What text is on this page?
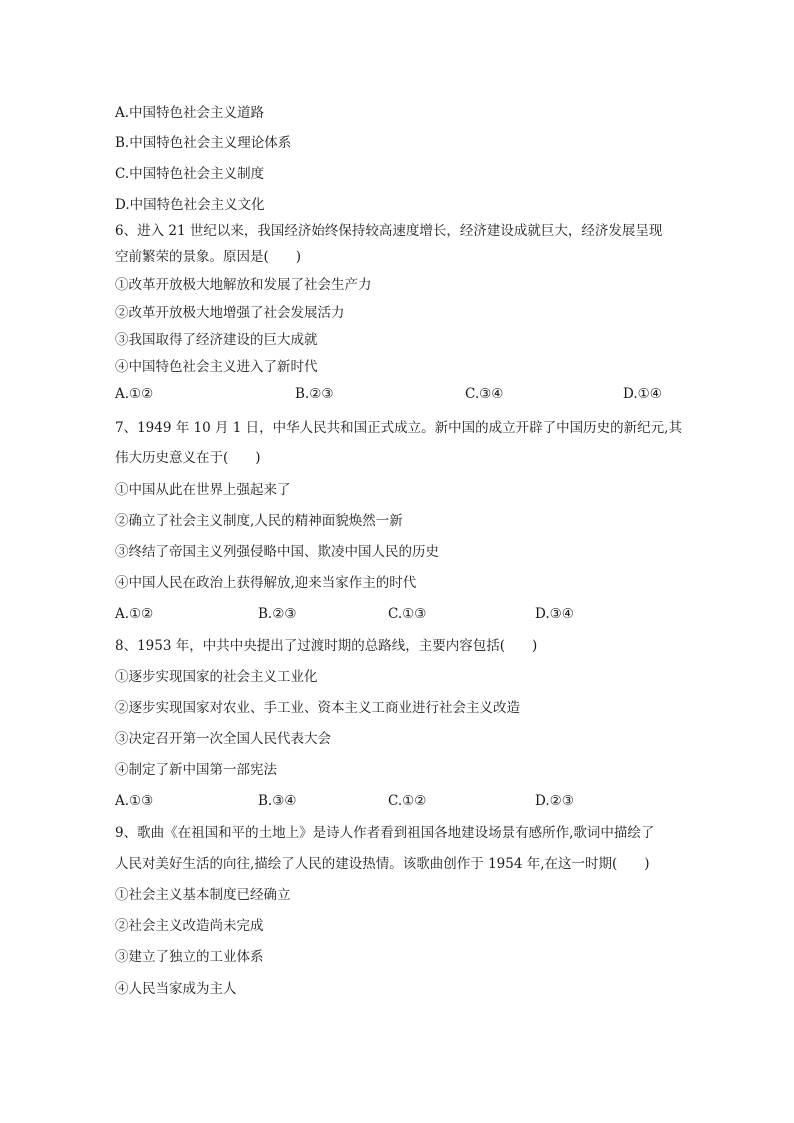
A.中国特色社会主义道路
B.中国特色社会主义理论体系
C.中国特色社会主义制度
D.中国特色社会主义文化
6、进入 21 世纪以来，我国经济始终保持较高速度增长，经济建设成就巨大，经济发展呈现
空前繁荣的景象。原因是(　　)
①改革开放极大地解放和发展了社会生产力
②改革开放极大地增强了社会发展活力
③我国取得了经济建设的巨大成就
④中国特色社会主义进入了新时代
A.①②	B.②③	C.③④	D.①④
7、1949 年 10 月 1 日，中华人民共和国正式成立。新中国的成立开辟了中国历史的新纪元,其
伟大历史意义在于(　　)
①中国从此在世界上强起来了
②确立了社会主义制度,人民的精神面貌焕然一新
③终结了帝国主义列强侵略中国、欺凌中国人民的历史
④中国人民在政治上获得解放,迎来当家作主的时代
A.①②	B.②③	C.①③	D.③④
8、1953 年，中共中央提出了过渡时期的总路线，主要内容包括(　　)
①逐步实现国家的社会主义工业化
②逐步实现国家对农业、手工业、资本主义工商业进行社会主义改造
③决定召开第一次全国人民代表大会
④制定了新中国第一部宪法
A.①③	B.③④	C.①②	D.②③
9、歌曲《在祖国和平的土地上》是诗人作者看到祖国各地建设场景有感所作,歌词中描绘了
人民对美好生活的向往,描绘了人民的建设热情。该歌曲创作于 1954 年,在这一时期(　　)
①社会主义基本制度已经确立
②社会主义改造尚未完成
③建立了独立的工业体系
④人民当家成为主人
